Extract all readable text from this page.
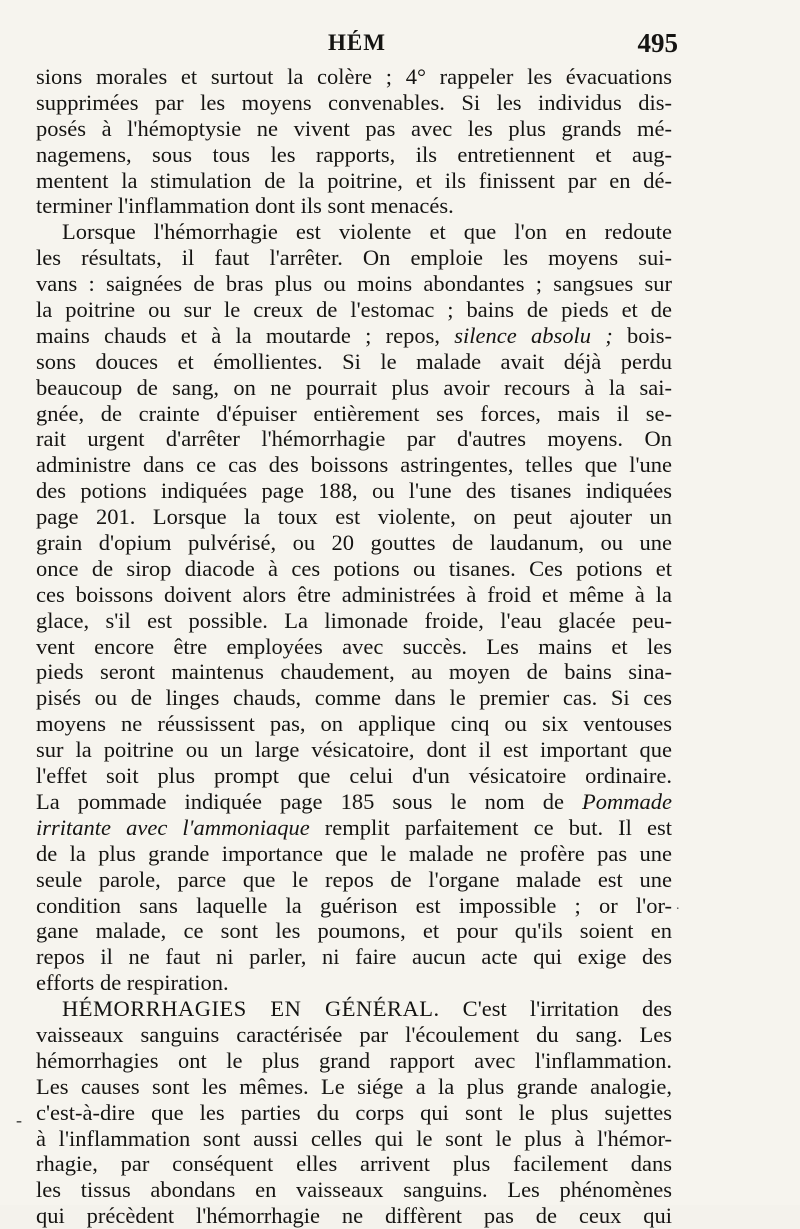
HÉM	495
sions morales et surtout la colère ; 4° rappeler les évacuations
supprimées par les moyens convenables. Si les individus dis-
posés à l'hémoptysie ne vivent pas avec les plus grands mé-
nagemens, sous tous les rapports, ils entretiennent et aug-
mentent la stimulation de la poitrine, et ils finissent par en dé-
terminer l'inflammation dont ils sont menacés.
Lorsque l'hémorrhagie est violente et que l'on en redoute
les résultats, il faut l'arrêter. On emploie les moyens sui-
vans : saignées de bras plus ou moins abondantes ; sangsues sur
la poitrine ou sur le creux de l'estomac ; bains de pieds et de
mains chauds et à la moutarde ; repos, silence absolu ; bois-
sons douces et émollientes. Si le malade avait déjà perdu
beaucoup de sang, on ne pourrait plus avoir recours à la sai-
gnée, de crainte d'épuiser entièrement ses forces, mais il se-
rait urgent d'arrêter l'hémorrhagie par d'autres moyens. On
administre dans ce cas des boissons astringentes, telles que l'une
des potions indiquées page 188, ou l'une des tisanes indiquées
page 201. Lorsque la toux est violente, on peut ajouter un
grain d'opium pulvérisé, ou 20 gouttes de laudanum, ou une
once de sirop diacode à ces potions ou tisanes. Ces potions et
ces boissons doivent alors être administrées à froid et même à la
glace, s'il est possible. La limonade froide, l'eau glacée peu-
vent encore être employées avec succès. Les mains et les
pieds seront maintenus chaudement, au moyen de bains sina-
pisés ou de linges chauds, comme dans le premier cas. Si ces
moyens ne réussissent pas, on applique cinq ou six ventouses
sur la poitrine ou un large vésicatoire, dont il est important que
l'effet soit plus prompt que celui d'un vésicatoire ordinaire.
La pommade indiquée page 185 sous le nom de Pommade
irritante avec l'ammoniaque remplit parfaitement ce but. Il est
de la plus grande importance que le malade ne profère pas une
seule parole, parce que le repos de l'organe malade est une
condition sans laquelle la guérison est impossible ; or l'or-
gane malade, ce sont les poumons, et pour qu'ils soient en
repos il ne faut ni parler, ni faire aucun acte qui exige des
efforts de respiration.
HÉMORRHAGIES EN GÉNÉRAL. C'est l'irritation des
vaisseaux sanguins caractérisée par l'écoulement du sang. Les
hémorrhagies ont le plus grand rapport avec l'inflammation.
Les causes sont les mêmes. Le siége a la plus grande analogie,
c'est-à-dire que les parties du corps qui sont le plus sujettes
à l'inflammation sont aussi celles qui le sont le plus à l'hémor-
rhagie, par conséquent elles arrivent plus facilement dans
les tissus abondans en vaisseaux sanguins. Les phénomènes
qui précèdent l'hémorrhagie ne diffèrent pas de ceux qui
-
.
